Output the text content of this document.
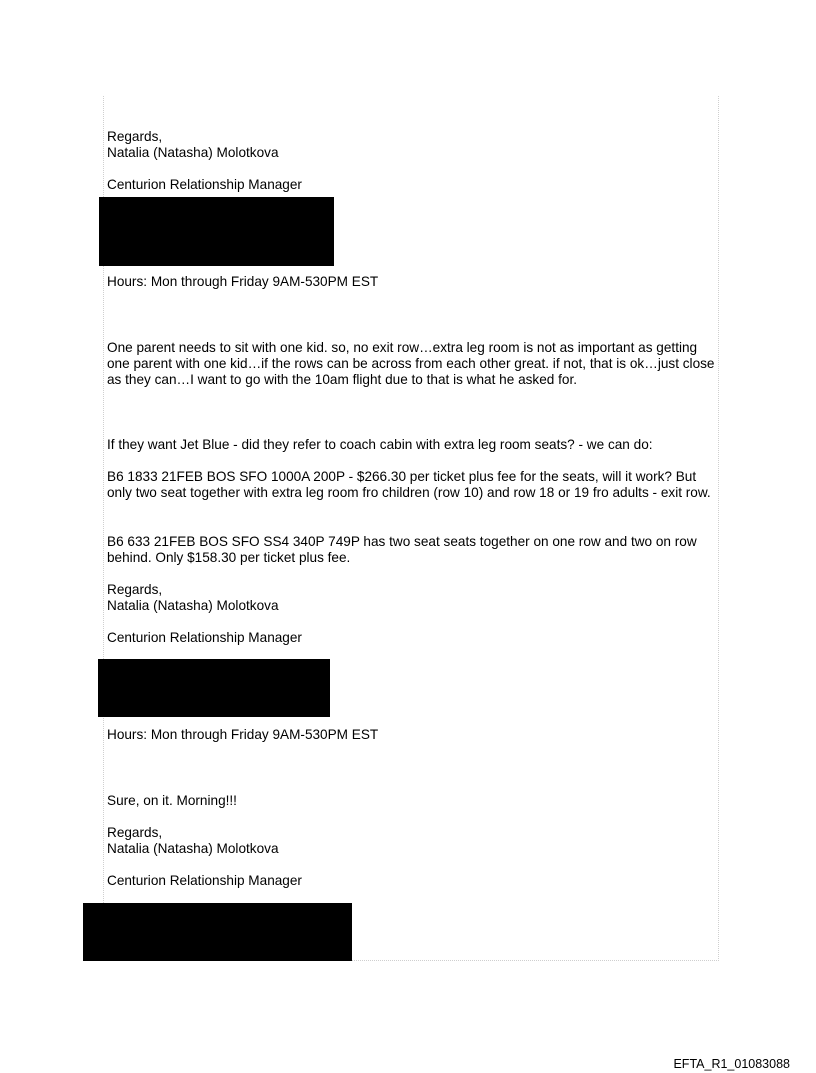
Regards,

Natalia (Natasha) Molotkova

Centurion Relationship Manager

Hours: Mon through Friday 9AM-530PM EST

One parent needs to sit with one kid. so, no exit row…extra leg room is not as important as getting one parent with one kid…if the rows can be across from each other great. if not, that is ok…just close as they can…I want to go with the 10am flight due to that is what he asked for.

If they want Jet Blue - did they refer to coach cabin with extra leg room seats? - we can do:

B6 1833 21FEB BOS SFO 1000A 200P - $266.30 per ticket plus fee for the seats, will it work? But only two seat together with extra leg room fro children (row 10) and row 18 or 19 fro adults - exit row.

B6 633 21FEB BOS SFO SS4 340P 749P has two seat seats together on one row and two on row behind. Only $158.30 per ticket plus fee.

Regards,

Natalia (Natasha) Molotkova

Centurion Relationship Manager

Hours: Mon through Friday 9AM-530PM EST

Sure, on it. Morning!!!

Regards,

Natalia (Natasha) Molotkova

Centurion Relationship Manager

EFTA_R1_01083088
